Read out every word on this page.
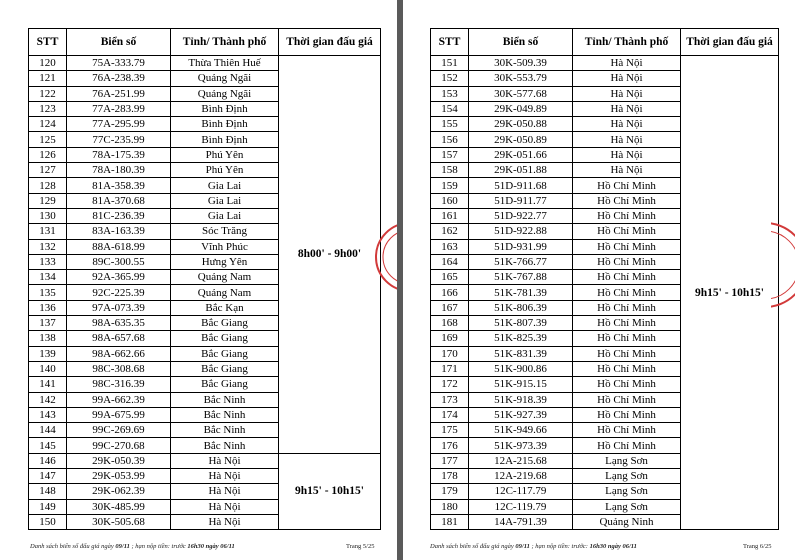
STT	Biển số	Tỉnh/ Thành phố	Thời gian đấu giá
120	75A-333.79	Thừa Thiên Huế	8h00' - 9h00'
121	76A-238.39	Quảng Ngãi	
122	76A-251.99	Quảng Ngãi	
123	77A-283.99	Bình Định	
124	77A-295.99	Bình Định	
125	77C-235.99	Bình Định	
126	78A-175.39	Phú Yên	
127	78A-180.39	Phú Yên	
128	81A-358.39	Gia Lai	
129	81A-370.68	Gia Lai	
130	81C-236.39	Gia Lai	
131	83A-163.39	Sóc Trăng	
132	88A-618.99	Vĩnh Phúc	
133	89C-300.55	Hưng Yên	
134	92A-365.99	Quảng Nam	
135	92C-225.39	Quảng Nam	
136	97A-073.39	Bắc Kạn	
137	98A-635.35	Bắc Giang	
138	98A-657.68	Bắc Giang	
139	98A-662.66	Bắc Giang	
140	98C-308.68	Bắc Giang	
141	98C-316.39	Bắc Giang	
142	99A-662.39	Bắc Ninh	
143	99A-675.99	Bắc Ninh	
144	99C-269.69	Bắc Ninh	
145	99C-270.68	Bắc Ninh	
146	29K-050.39	Hà Nội	9h15' - 10h15'
147	29K-053.99	Hà Nội	
148	29K-062.39	Hà Nội	
149	30K-485.99	Hà Nội	
150	30K-505.68	Hà Nội	
Danh sách biển số đấu giá ngày 09/11 ; hạn nộp tiền: trước 16h30 ngày 06/11	Trang 5/25
STT	Biển số	Tỉnh/ Thành phố	Thời gian đấu giá
151	30K-509.39	Hà Nội	9h15' - 10h15'
152	30K-553.79	Hà Nội	
153	30K-577.68	Hà Nội	
154	29K-049.89	Hà Nội	
155	29K-050.88	Hà Nội	
156	29K-050.89	Hà Nội	
157	29K-051.66	Hà Nội	
158	29K-051.88	Hà Nội	
159	51D-911.68	Hồ Chí Minh	
160	51D-911.77	Hồ Chí Minh	
161	51D-922.77	Hồ Chí Minh	
162	51D-922.88	Hồ Chí Minh	
163	51D-931.99	Hồ Chí Minh	
164	51K-766.77	Hồ Chí Minh	
165	51K-767.88	Hồ Chí Minh	
166	51K-781.39	Hồ Chí Minh	
167	51K-806.39	Hồ Chí Minh	
168	51K-807.39	Hồ Chí Minh	
169	51K-825.39	Hồ Chí Minh	
170	51K-831.39	Hồ Chí Minh	
171	51K-900.86	Hồ Chí Minh	
172	51K-915.15	Hồ Chí Minh	
173	51K-918.39	Hồ Chí Minh	
174	51K-927.39	Hồ Chí Minh	
175	51K-949.66	Hồ Chí Minh	
176	51K-973.39	Hồ Chí Minh	
177	12A-215.68	Lạng Sơn	
178	12A-219.68	Lạng Sơn	
179	12C-117.79	Lạng Sơn	
180	12C-119.79	Lạng Sơn	
181	14A-791.39	Quảng Ninh	
Danh sách biển số đấu giá ngày 09/11 ; hạn nộp tiền: trước: 16h30 ngày 06/11	Trang 6/25
